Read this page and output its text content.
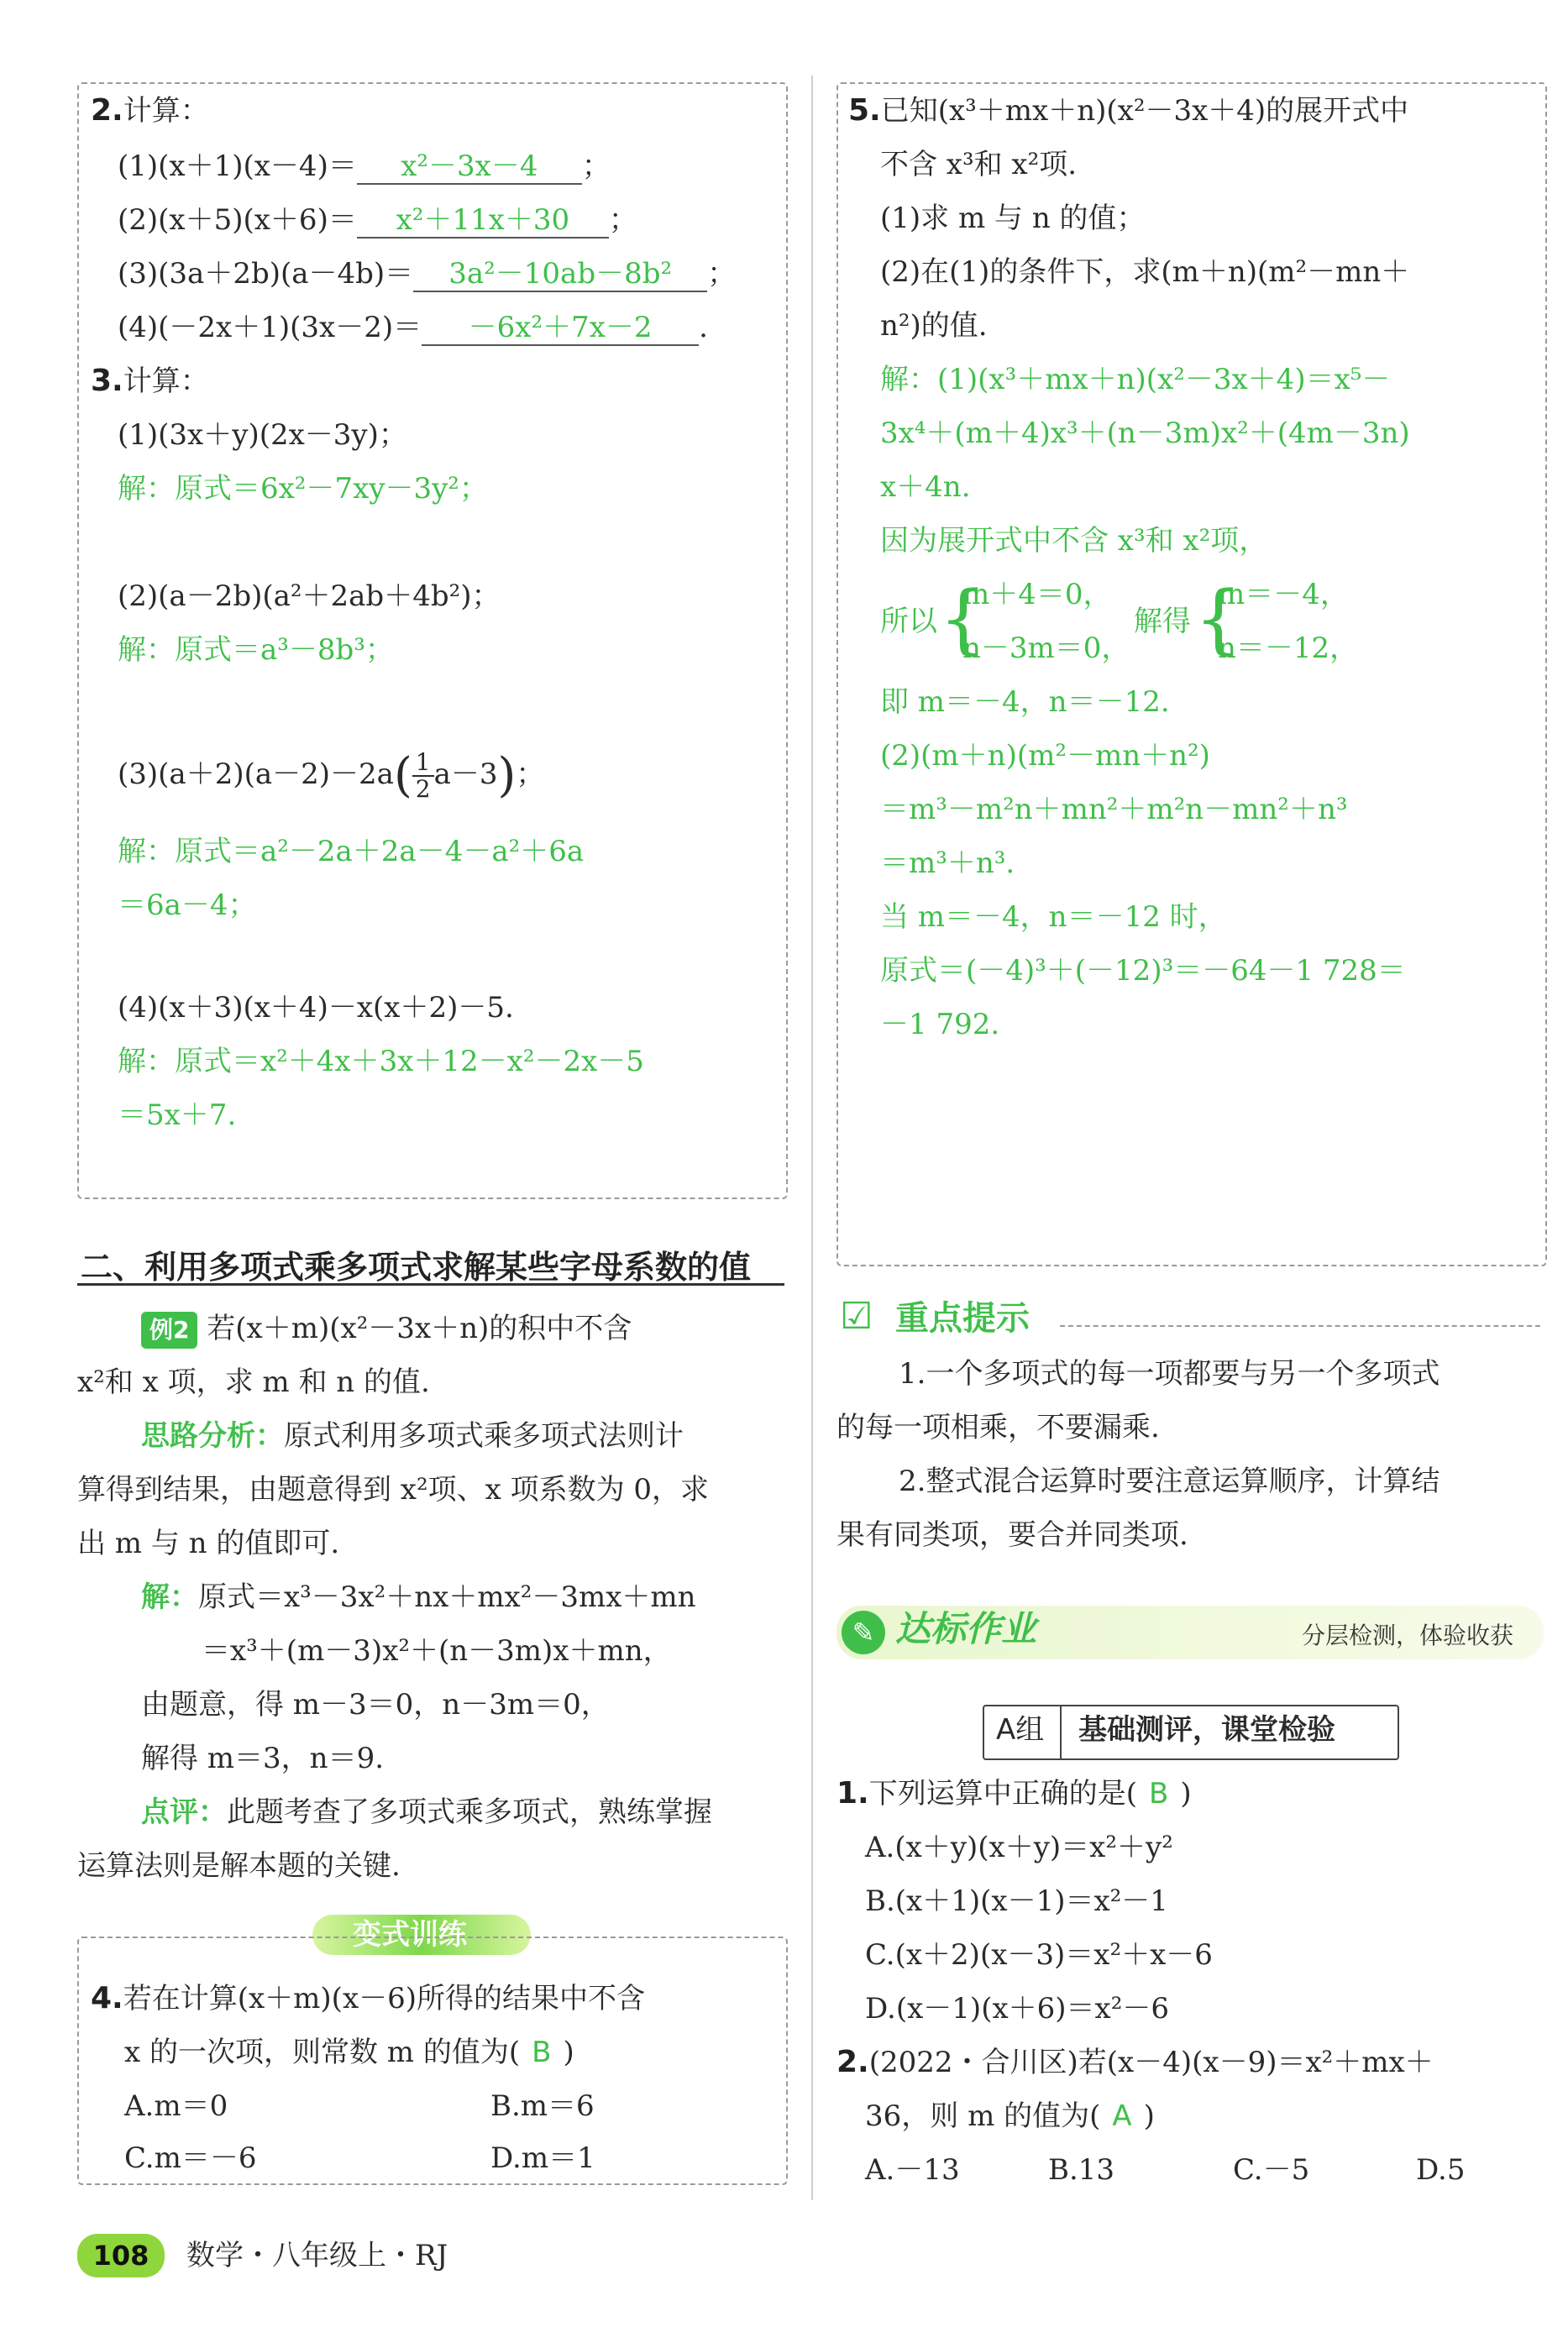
2.计算：
(1)(x＋1)(x－4)＝ x²－3x－4 ；
(2)(x＋5)(x＋6)＝ x²＋11x＋30 ；
(3)(3a＋2b)(a－4b)＝ 3a²－10ab－8b² ；
(4)(－2x＋1)(3x－2)＝ －6x²＋7x－2 .
3.计算：
(1)(3x＋y)(2x－3y)；
解：原式＝6x²－7xy－3y²；
(2)(a－2b)(a²＋2ab＋4b²)；
解：原式＝a³－8b³；
$(3)(a+2)(a-2)-2a( \frac{1}{2} a-3)$；
解：原式＝a²－2a＋2a－4－a²＋6a
＝6a－4；
(4)(x＋3)(x＋4)－x(x＋2)－5.
解：原式＝x²＋4x＋3x＋12－x²－2x－5
＝5x＋7.
二、利用多项式乘多项式求解某些字母系数的值
例2 若(x＋m)(x²－3x＋n)的积中不含
x²和 x 项，求 m 和 n 的值.
思路分析：原式利用多项式乘多项式法则计
算得到结果，由题意得到 x²项、x 项系数为 0，求
出 m 与 n 的值即可.
解：原式＝x³－3x²＋nx＋mx²－3mx＋mn
＝x³＋(m－3)x²＋(n－3m)x＋mn，
由题意，得 m－3＝0，n－3m＝0，
解得 m＝3，n＝9.
点评：此题考查了多项式乘多项式，熟练掌握
运算法则是解本题的关键.
变式训练
4.若在计算(x＋m)(x－6)所得的结果中不含
x 的一次项，则常数 m 的值为( B )
A.m＝0	B.m＝6
C.m＝－6	D.m＝1
5.已知(x³＋mx＋n)(x²－3x＋4)的展开式中
不含 x³和 x²项.
(1)求 m 与 n 的值；
(2)在(1)的条件下，求(m＋n)(m²－mn＋
n²)的值.
解：(1)(x³＋mx＋n)(x²－3x＋4)＝x⁵－
3x⁴＋(m＋4)x³＋(n－3m)x²＋(4m－3n)
x＋4n.
因为展开式中不含 x³和 x²项，
所以 {
m＋4＝0，
n－3m＝0，
解得 {
m＝－4，
n＝－12，
即 m＝－4，n＝－12.
(2)(m＋n)(m²－mn＋n²)
＝m³－m²n＋mn²＋m²n－mn²＋n³
＝m³＋n³.
当 m＝－4，n＝－12 时，
原式＝(－4)³＋(－12)³＝－64－1 728＝
－1 792.
☑ 重点提示
1.一个多项式的每一项都要与另一个多项式
的每一项相乘，不要漏乘.
2.整式混合运算时要注意运算顺序，计算结
果有同类项，要合并同类项.
✎ 达标作业	分层检测，体验收获
A组 基础测评，课堂检验
1.下列运算中正确的是( B )
A.(x＋y)(x＋y)＝x²＋y²
B.(x＋1)(x－1)＝x²－1
C.(x＋2)(x－3)＝x²＋x－6
D.(x－1)(x＋6)＝x²－6
2.(2022・合川区)若(x－4)(x－9)＝x²＋mx＋
36，则 m 的值为( A )
A.－13	B.13	C.－5	D.5
108	数学・八年级上・RJ
